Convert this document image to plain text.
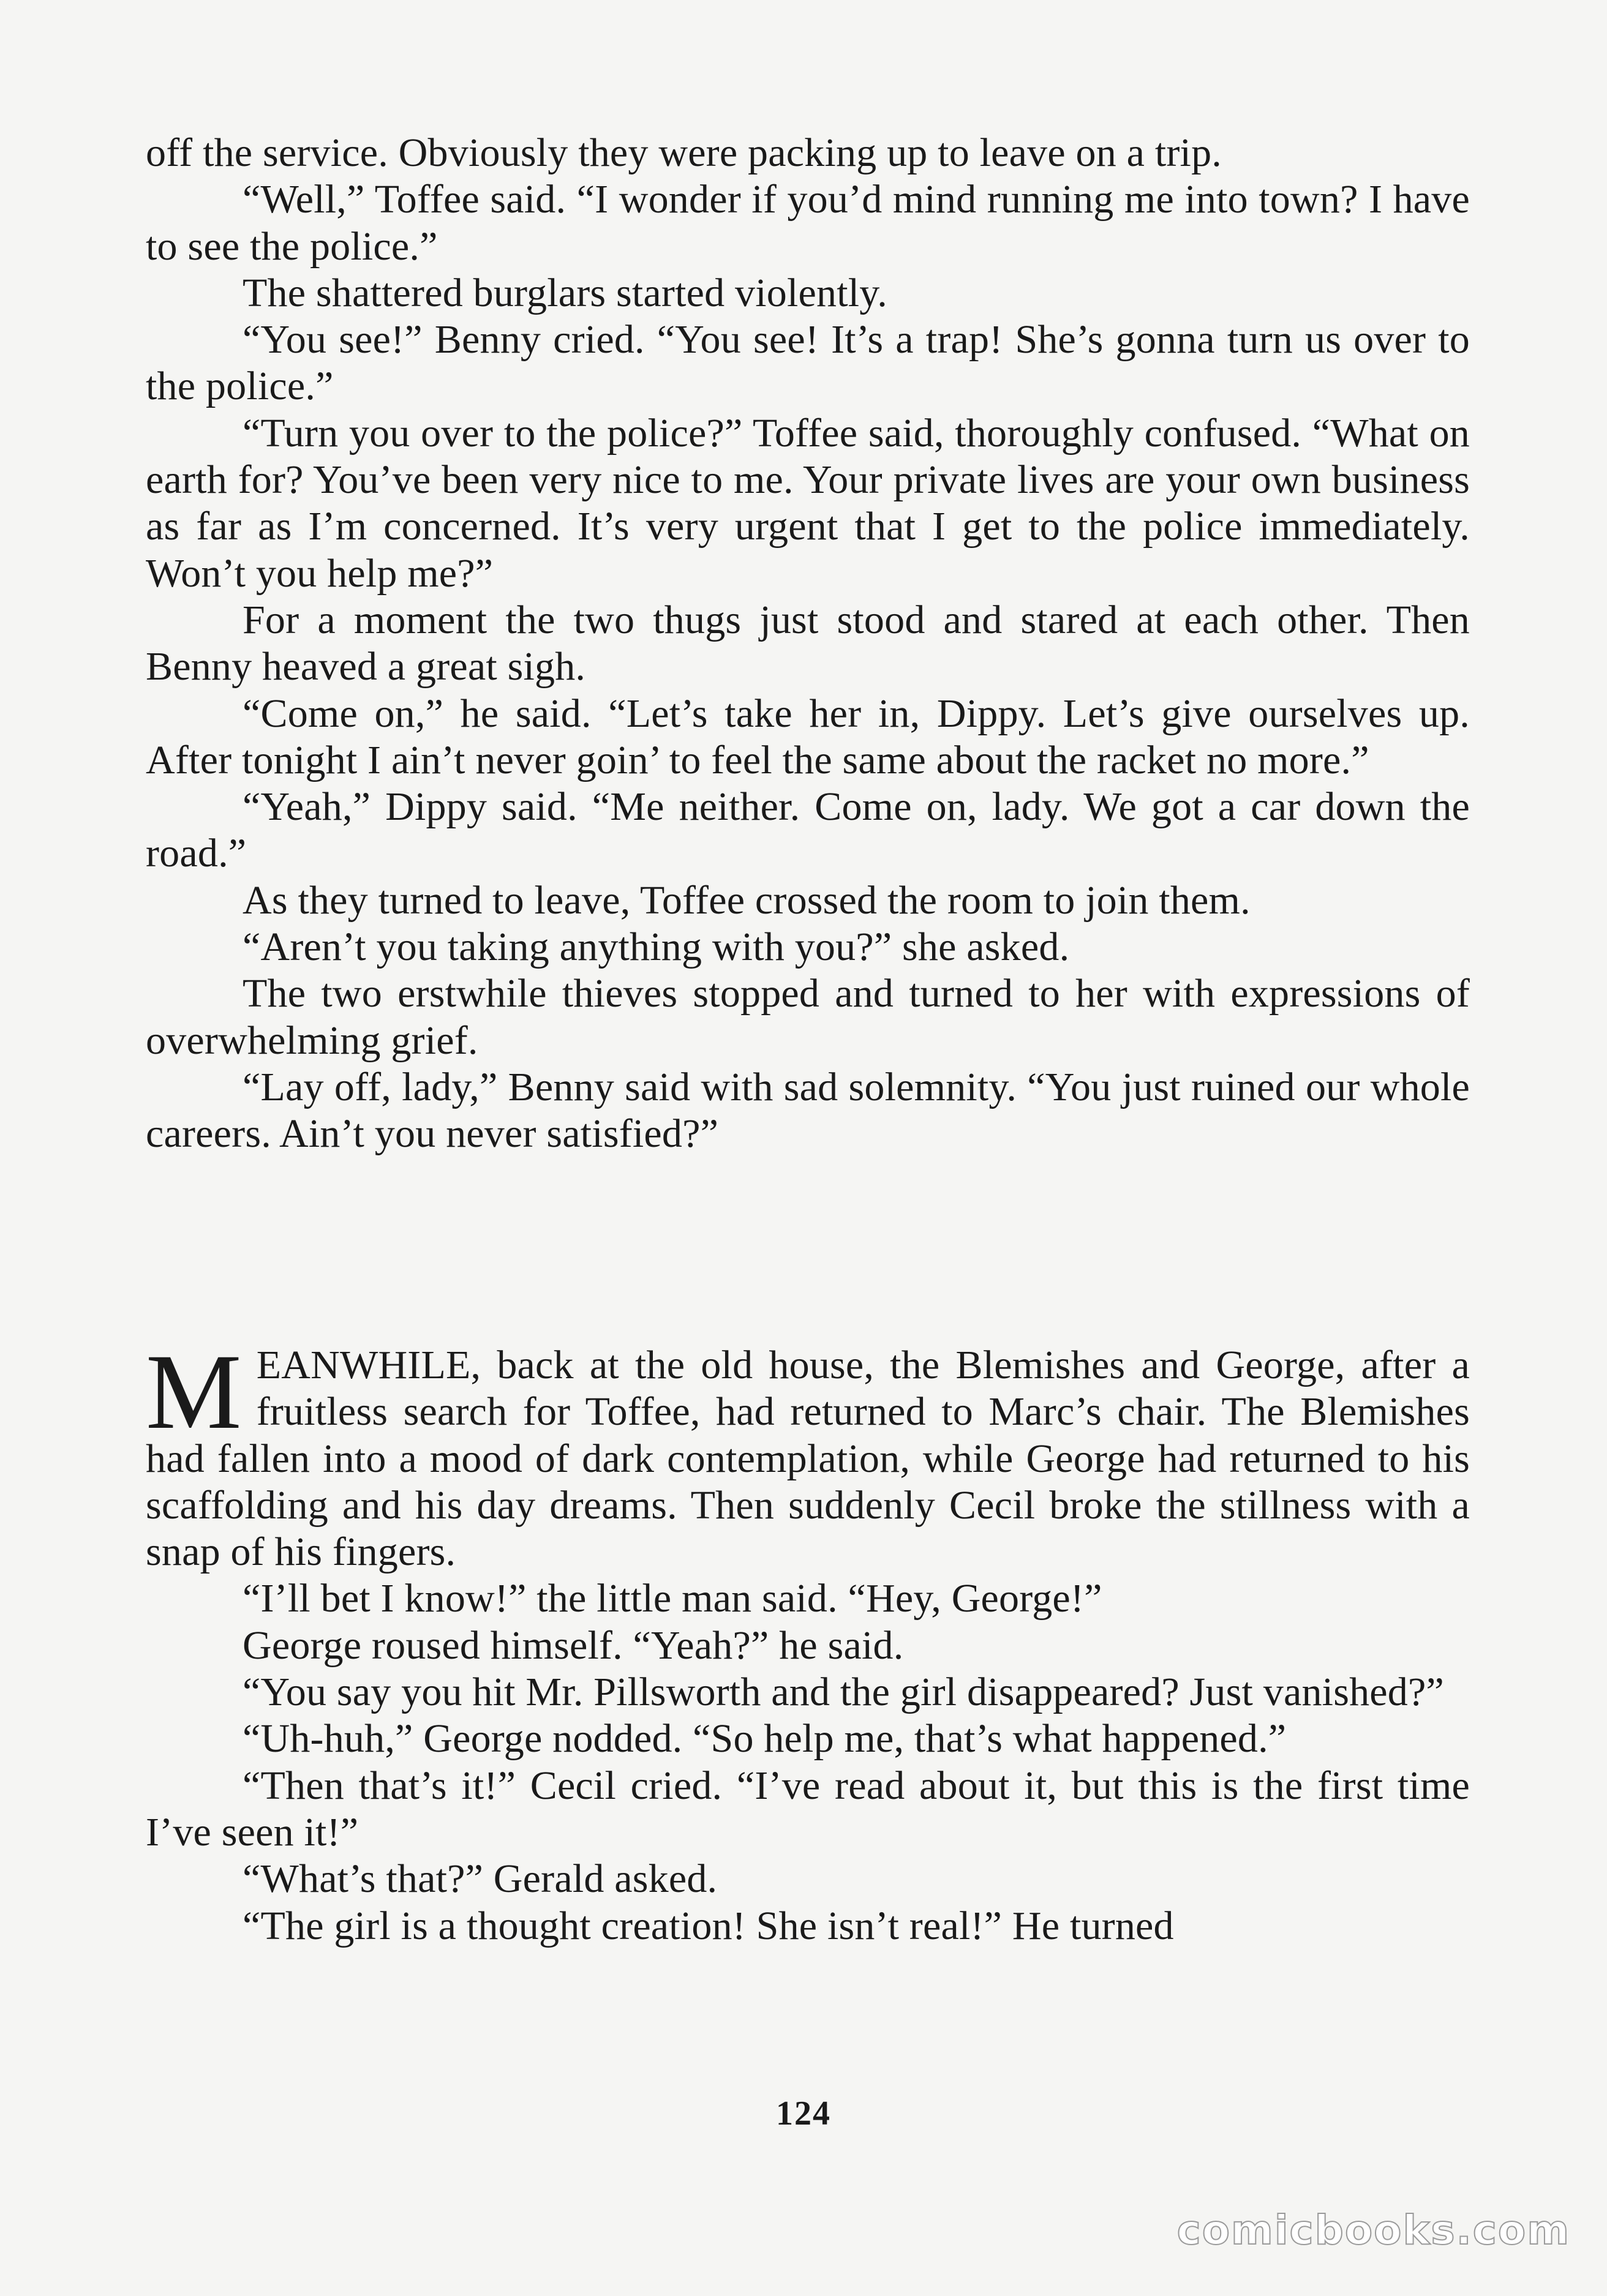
off the service. Obviously they were packing up to leave on a trip.

“Well,” Toffee said. “I wonder if you’d mind running me into town? I have to see the police.”

The shattered burglars started violently.

“You see!” Benny cried. “You see! It’s a trap! She’s gonna turn us over to the police.”

“Turn you over to the police?” Toffee said, thoroughly confused. “What on earth for? You’ve been very nice to me. Your private lives are your own business as far as I’m concerned. It’s very urgent that I get to the police immediately. Won’t you help me?”

For a moment the two thugs just stood and stared at each other. Then Benny heaved a great sigh.

“Come on,” he said. “Let’s take her in, Dippy. Let’s give ourselves up. After tonight I ain’t never goin’ to feel the same about the racket no more.”

“Yeah,” Dippy said. “Me neither. Come on, lady. We got a car down the road.”

As they turned to leave, Toffee crossed the room to join them.

“Aren’t you taking anything with you?” she asked.

The two erstwhile thieves stopped and turned to her with expressions of overwhelming grief.

“Lay off, lady,” Benny said with sad solemnity. “You just ruined our whole careers. Ain’t you never satisfied?”

MEANWHILE, back at the old house, the Blemishes and George, after a fruitless search for Toffee, had returned to Marc’s chair. The Blemishes had fallen into a mood of dark contemplation, while George had returned to his scaffolding and his day dreams. Then suddenly Cecil broke the stillness with a snap of his fingers.

“I’ll bet I know!” the little man said. “Hey, George!”

George roused himself. “Yeah?” he said.

“You say you hit Mr. Pillsworth and the girl disappeared? Just vanished?”

“Uh-huh,” George nodded. “So help me, that’s what happened.”

“Then that’s it!” Cecil cried. “I’ve read about it, but this is the first time I’ve seen it!”

“What’s that?” Gerald asked.

“The girl is a thought creation! She isn’t real!” He turned

124
comicbooks.com
